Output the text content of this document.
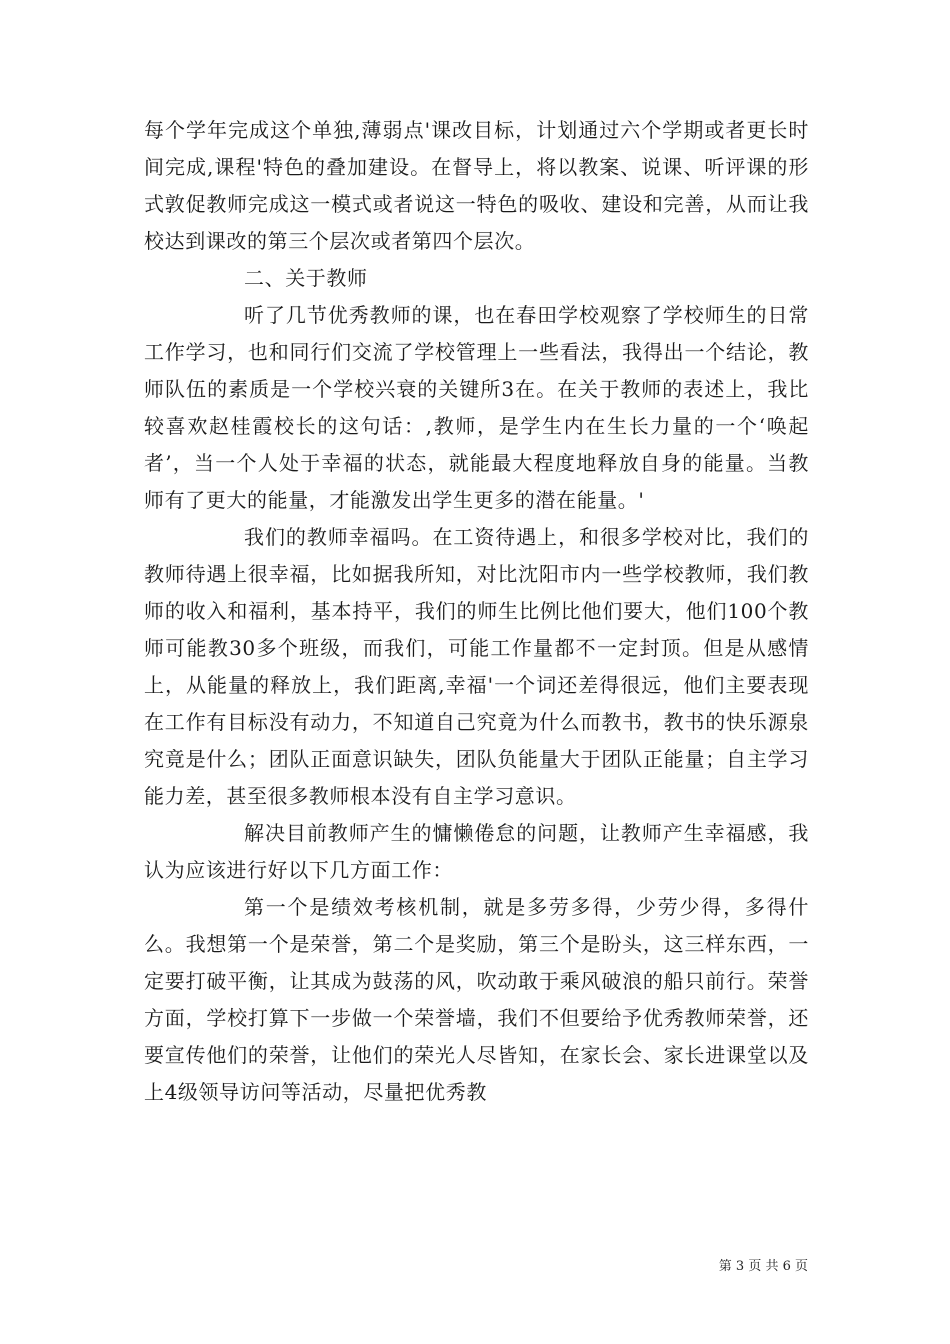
每个学年完成这个单独,薄弱点'课改目标，计划通过六个学期或者更长时间完成,课程'特色的叠加建设。在督导上，将以教案、说课、听评课的形式敦促教师完成这一模式或者说这一特色的吸收、建设和完善，从而让我校达到课改的第三个层次或者第四个层次。

二、关于教师

听了几节优秀教师的课，也在春田学校观察了学校师生的日常工作学习，也和同行们交流了学校管理上一些看法，我得出一个结论，教师队伍的素质是一个学校兴衰的关键所3在。在关于教师的表述上，我比较喜欢赵桂霞校长的这句话：,教师，是学生内在生长力量的一个‘唤起者’，当一个人处于幸福的状态，就能最大程度地释放自身的能量。当教师有了更大的能量，才能激发出学生更多的潜在能量。'

我们的教师幸福吗。在工资待遇上，和很多学校对比，我们的教师待遇上很幸福，比如据我所知，对比沈阳市内一些学校教师，我们教师的收入和福利，基本持平，我们的师生比例比他们要大，他们100个教师可能教30多个班级，而我们，可能工作量都不一定封顶。但是从感情上，从能量的释放上，我们距离,幸福'一个词还差得很远，他们主要表现在工作有目标没有动力，不知道自己究竟为什么而教书，教书的快乐源泉究竟是什么；团队正面意识缺失，团队负能量大于团队正能量；自主学习能力差，甚至很多教师根本没有自主学习意识。

解决目前教师产生的慵懒倦怠的问题，让教师产生幸福感，我认为应该进行好以下几方面工作：

第一个是绩效考核机制，就是多劳多得，少劳少得，多得什么。我想第一个是荣誉，第二个是奖励，第三个是盼头，这三样东西，一定要打破平衡，让其成为鼓荡的风，吹动敢于乘风破浪的船只前行。荣誉方面，学校打算下一步做一个荣誉墙，我们不但要给予优秀教师荣誉，还要宣传他们的荣誉，让他们的荣光人尽皆知，在家长会、家长进课堂以及上4级领导访问等活动，尽量把优秀教

第 3 页 共 6 页
